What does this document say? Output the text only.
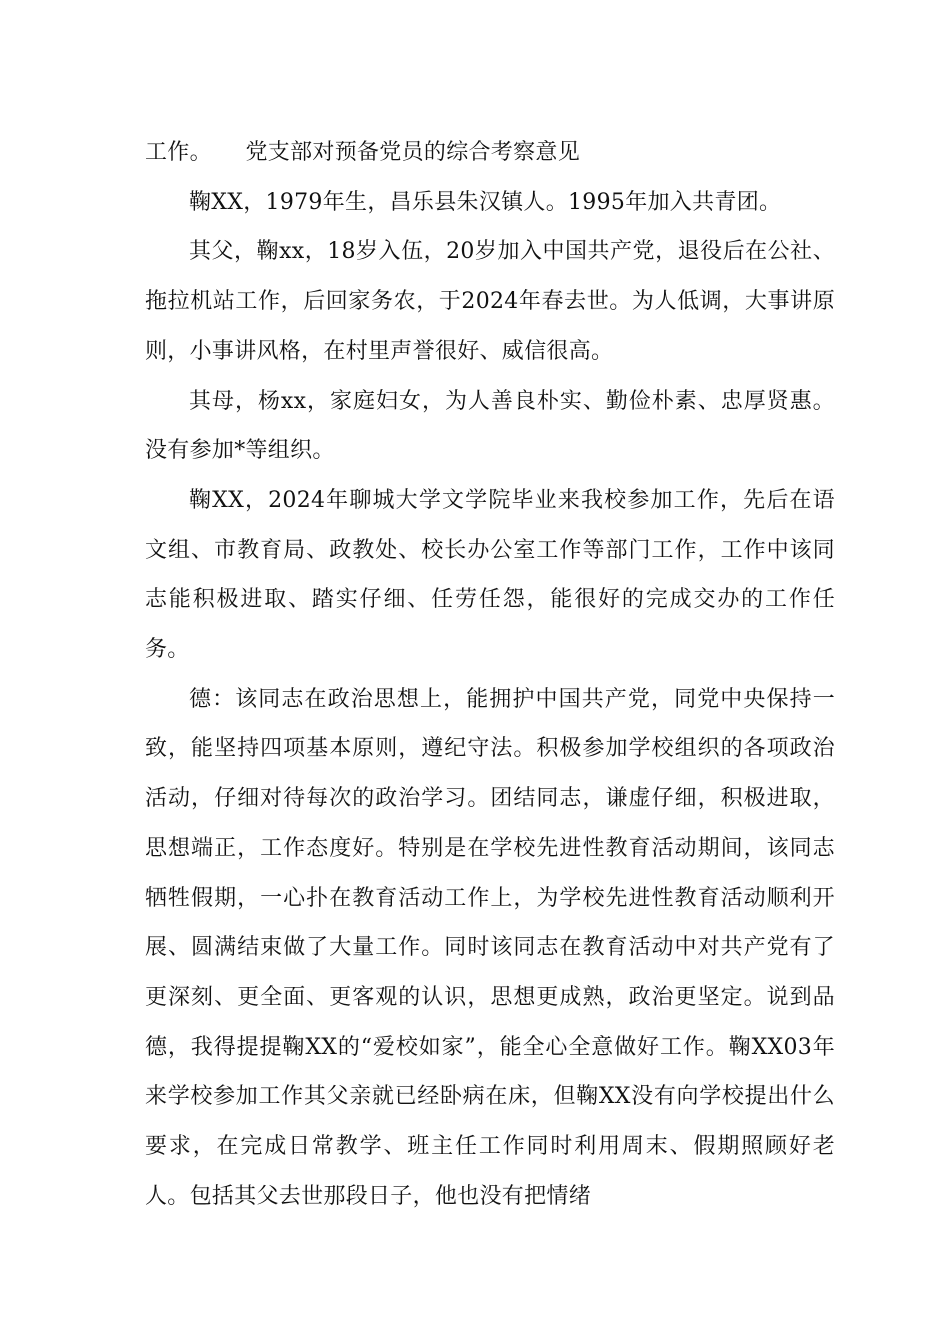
工作。　　党支部对预备党员的综合考察意见

鞠XX，1979年生，昌乐县朱汉镇人。1995年加入共青团。

其父，鞠xx，18岁入伍，20岁加入中国共产党，退役后在公社、拖拉机站工作，后回家务农，于2024年春去世。为人低调，大事讲原则，小事讲风格，在村里声誉很好、威信很高。

其母，杨xx，家庭妇女，为人善良朴实、勤俭朴素、忠厚贤惠。没有参加*等组织。

鞠XX，2024年聊城大学文学院毕业来我校参加工作，先后在语文组、市教育局、政教处、校长办公室工作等部门工作，工作中该同志能积极进取、踏实仔细、任劳任怨，能很好的完成交办的工作任务。

德：该同志在政治思想上，能拥护中国共产党，同党中央保持一致，能坚持四项基本原则，遵纪守法。积极参加学校组织的各项政治活动，仔细对待每次的政治学习。团结同志，谦虚仔细，积极进取，思想端正，工作态度好。特别是在学校先进性教育活动期间，该同志牺牲假期，一心扑在教育活动工作上，为学校先进性教育活动顺利开展、圆满结束做了大量工作。同时该同志在教育活动中对共产党有了更深刻、更全面、更客观的认识，思想更成熟，政治更坚定。说到品德，我得提提鞠XX的“爱校如家”，能全心全意做好工作。鞠XX03年来学校参加工作其父亲就已经卧病在床，但鞠XX没有向学校提出什么要求，在完成日常教学、班主任工作同时利用周末、假期照顾好老人。包括其父去世那段日子，他也没有把情绪
